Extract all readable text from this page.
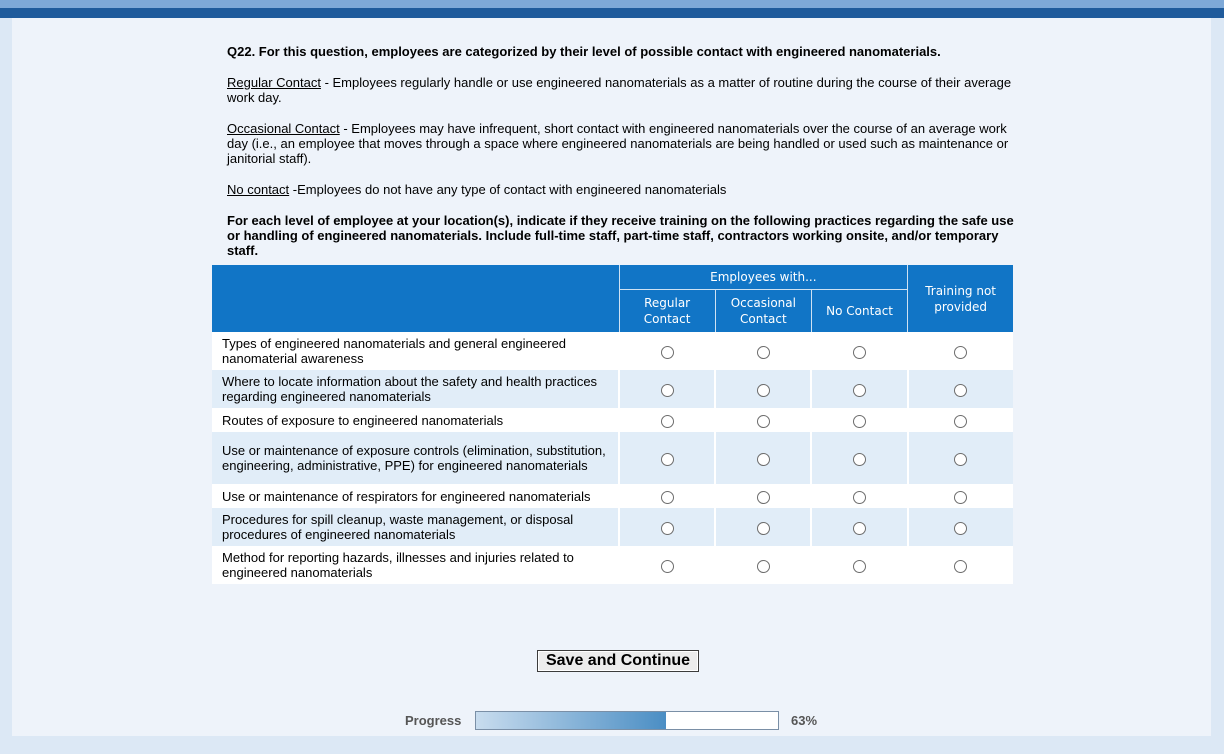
Q22. For this question, employees are categorized by their level of possible contact with engineered nanomaterials.

Regular Contact - Employees regularly handle or use engineered nanomaterials as a matter of routine during the course of their average work day.

Occasional Contact - Employees may have infrequent, short contact with engineered nanomaterials over the course of an average work day (i.e., an employee that moves through a space where engineered nanomaterials are being handled or used such as maintenance or janitorial staff).

No contact -Employees do not have any type of contact with engineered nanomaterials

For each level of employee at your location(s), indicate if they receive training on the following practices regarding the safe use or handling of engineered nanomaterials. Include full-time staff, part-time staff, contractors working onsite, and/or temporary staff.

	Employees with...			Training not provided
	Regular Contact	Occasional Contact	No Contact	
Types of engineered nanomaterials and general engineered nanomaterial awareness				
Where to locate information about the safety and health practices regarding engineered nanomaterials				
Routes of exposure to engineered nanomaterials				
Use or maintenance of exposure controls (elimination, substitution, engineering, administrative, PPE) for engineered nanomaterials				
Use or maintenance of respirators for engineered nanomaterials				
Procedures for spill cleanup, waste management, or disposal procedures of engineered nanomaterials				
Method for reporting hazards, illnesses and injuries related to engineered nanomaterials				
Save and Continue
Progress	63%
